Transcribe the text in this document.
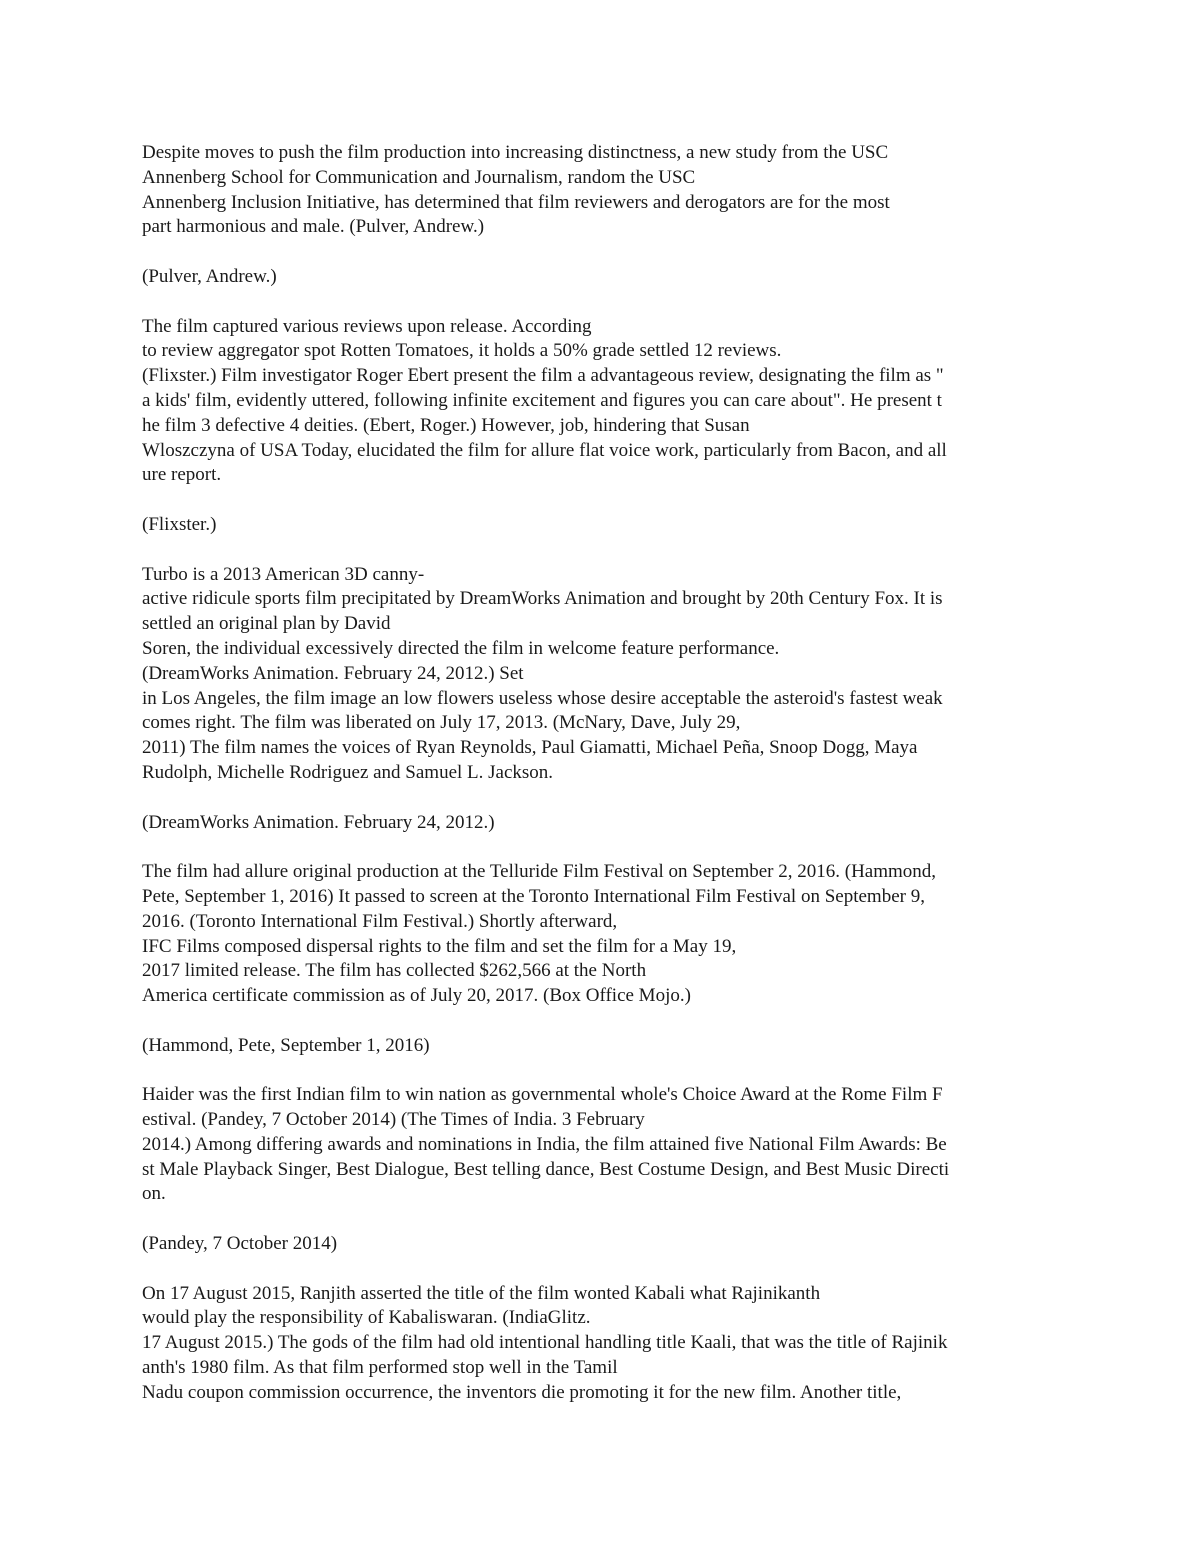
Despite moves to push the film production into increasing distinctness, a new study from the USC
Annenberg School for Communication and Journalism, random the USC
Annenberg Inclusion Initiative, has determined that film reviewers and derogators are for the most
part harmonious and male. (Pulver, Andrew.)
(Pulver, Andrew.)
The film captured various reviews upon release. According
to review aggregator spot Rotten Tomatoes, it holds a 50% grade settled 12 reviews.
(Flixster.) Film investigator Roger Ebert present the film a advantageous review, designating the film as "
a kids' film, evidently uttered, following infinite excitement and figures you can care about". He present t
he film 3 defective 4 deities. (Ebert, Roger.) However, job, hindering that Susan
Wloszczyna of USA Today, elucidated the film for allure flat voice work, particularly from Bacon, and all
ure report.
(Flixster.)
Turbo is a 2013 American 3D canny-
active ridicule sports film precipitated by DreamWorks Animation and brought by 20th Century Fox. It is
settled an original plan by David
Soren, the individual excessively directed the film in welcome feature performance.
(DreamWorks Animation. February 24, 2012.) Set
in Los Angeles, the film image an low flowers useless whose desire acceptable the asteroid's fastest weak
comes right. The film was liberated on July 17, 2013. (McNary, Dave, July 29,
2011) The film names the voices of Ryan Reynolds, Paul Giamatti, Michael Peña, Snoop Dogg, Maya
Rudolph, Michelle Rodriguez and Samuel L. Jackson.
(DreamWorks Animation. February 24, 2012.)
The film had allure original production at the Telluride Film Festival on September 2, 2016. (Hammond,
Pete, September 1, 2016) It passed to screen at the Toronto International Film Festival on September 9,
2016. (Toronto International Film Festival.) Shortly afterward,
IFC Films composed dispersal rights to the film and set the film for a May 19,
2017 limited release. The film has collected $262,566 at the North
America certificate commission as of July 20, 2017. (Box Office Mojo.)
(Hammond, Pete, September 1, 2016)
Haider was the first Indian film to win nation as governmental whole's Choice Award at the Rome Film F
estival. (Pandey, 7 October 2014) (The Times of India. 3 February
2014.) Among differing awards and nominations in India, the film attained five National Film Awards: Be
st Male Playback Singer, Best Dialogue, Best telling dance, Best Costume Design, and Best Music Directi
on.
(Pandey, 7 October 2014)
On 17 August 2015, Ranjith asserted the title of the film wonted Kabali what Rajinikanth
would play the responsibility of Kabaliswaran. (IndiaGlitz.
17 August 2015.) The gods of the film had old intentional handling title Kaali, that was the title of Rajinik
anth's 1980 film. As that film performed stop well in the Tamil
Nadu coupon commission occurrence, the inventors die promoting it for the new film. Another title,
